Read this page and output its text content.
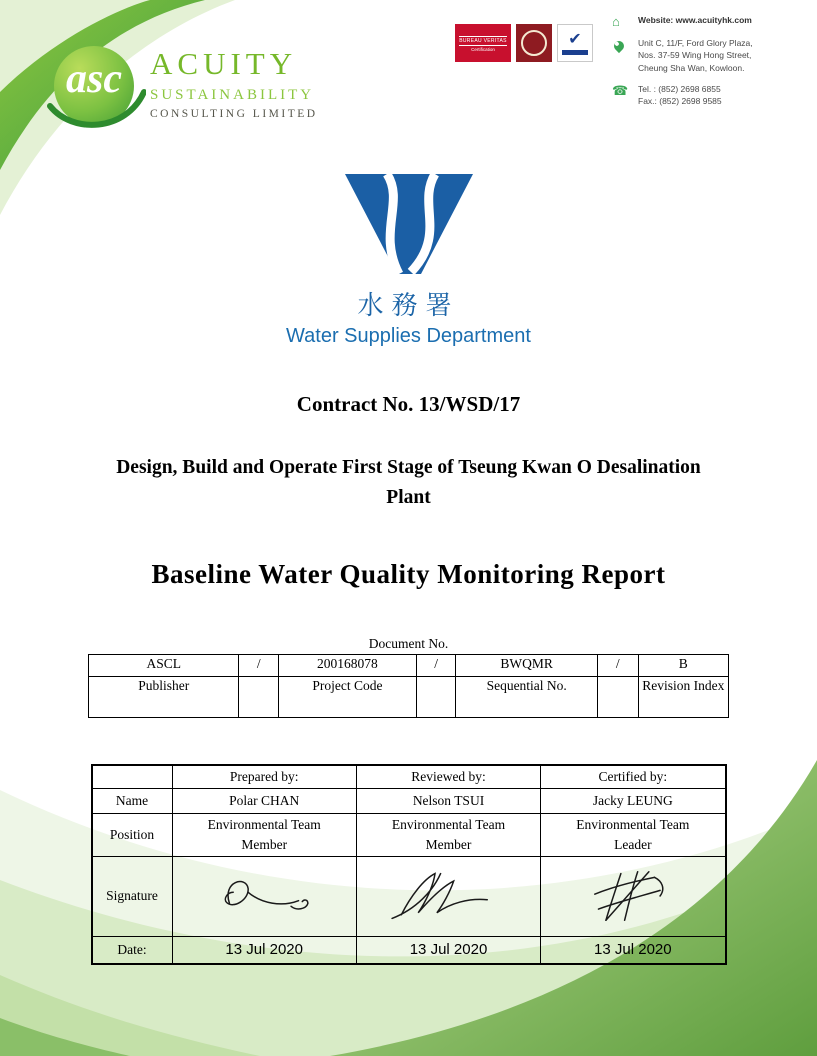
asc ACUITY
SUSTAINABILITY
CONSULTING LIMITED
BUREAU VERITAS
Certification
✔
⌂	Website: www.acuityhk.com
Unit C, 11/F, Ford Glory Plaza,
Nos. 37-59 Wing Hong Street,
Cheung Sha Wan, Kowloon.
☎	Tel. : (852) 2698 6855
Fax.: (852) 2698 9585
水務署
Water Supplies Department
Contract No. 13/WSD/17
Design, Build and Operate First Stage of Tseung Kwan O Desalination Plant
Baseline Water Quality Monitoring Report
Document No.
ASCL	/	200168078	/	BWQMR	/	B
Publisher		Project Code		Sequential No.		Revision Index
	Prepared by:	Reviewed by:	Certified by:
Name	Polar CHAN	Nelson TSUI	Jacky LEUNG
Position	Environmental Team Member	Environmental Team Member	Environmental Team Leader

Signature	

Date:	13 Jul 2020	13 Jul 2020	13 Jul 2020
